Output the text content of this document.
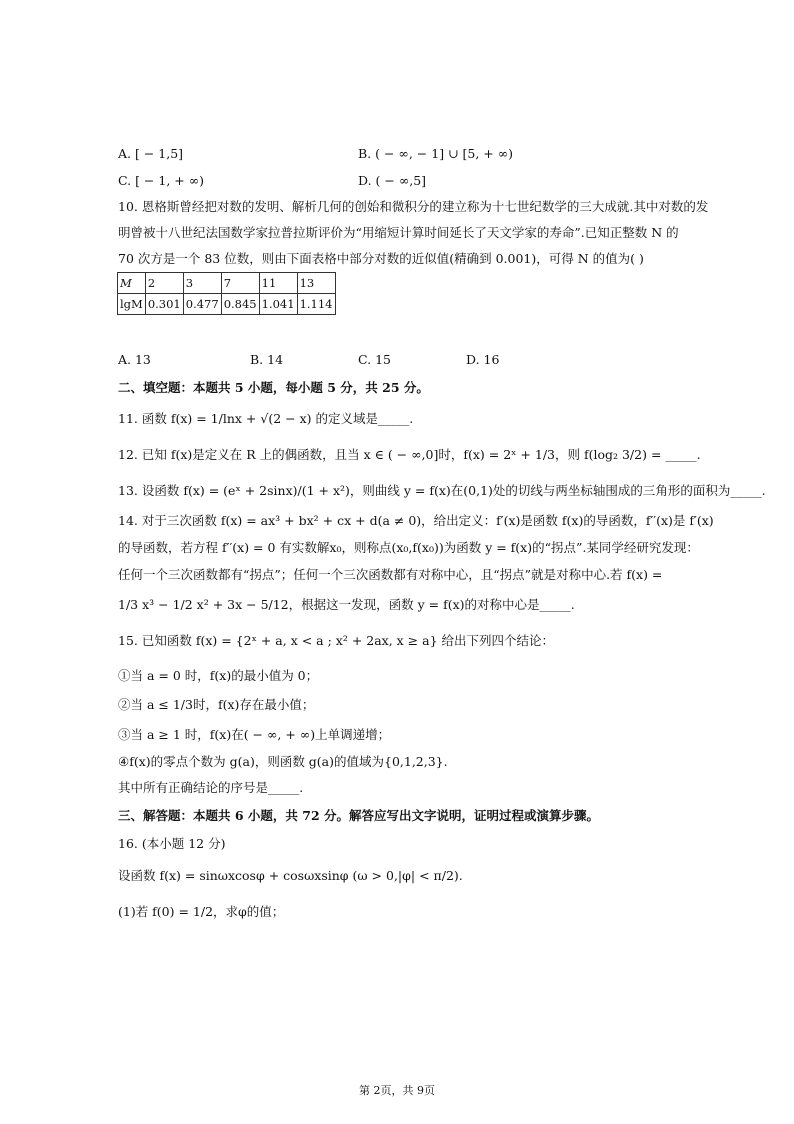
A. [ − 1,5]	B. ( − ∞, − 1] ∪ [5, + ∞)
C. [ − 1, + ∞)	D. ( − ∞,5]
10. 恩格斯曾经把对数的发明、解析几何的创始和微积分的建立称为十七世纪数学的三大成就.其中对数的发
明曾被十八世纪法国数学家拉普拉斯评价为“用缩短计算时间延长了天文学家的寿命”.已知正整数 N 的
70 次方是一个 83 位数，则由下面表格中部分对数的近似值(精确到 0.001)，可得 N 的值为( )
M	2	3	7	11	13
lgM	0.301	0.477	0.845	1.041	1.114
A. 13	B. 14	C. 15	D. 16
二、填空题：本题共 5 小题，每小题 5 分，共 25 分。
11. 函数 f(x) = 1/lnx + √(2 − x) 的定义域是_____.
12. 已知 f(x)是定义在 R 上的偶函数，且当 x ∈ ( − ∞,0]时，f(x) = 2ˣ + 1/3，则 f(log₂ 3/2) = _____.
13. 设函数 f(x) = (eˣ + 2sinx)/(1 + x²)，则曲线 y = f(x)在(0,1)处的切线与两坐标轴围成的三角形的面积为_____.
14. 对于三次函数 f(x) = ax³ + bx² + cx + d(a ≠ 0)，给出定义：f′(x)是函数 f(x)的导函数，f′′(x)是 f′(x)
的导函数，若方程 f′′(x) = 0 有实数解x₀，则称点(x₀,f(x₀))为函数 y = f(x)的“拐点”.某同学经研究发现：
任何一个三次函数都有“拐点”；任何一个三次函数都有对称中心，且“拐点”就是对称中心.若 f(x) =
1/3 x³ − 1/2 x² + 3x − 5/12，根据这一发现，函数 y = f(x)的对称中心是_____.
15. 已知函数 f(x) = {2ˣ + a, x < a ; x² + 2ax, x ≥ a} 给出下列四个结论：
①当 a = 0 时，f(x)的最小值为 0；
②当 a ≤ 1/3时，f(x)存在最小值；
③当 a ≥ 1 时，f(x)在( − ∞, + ∞)上单调递增；
④f(x)的零点个数为 g(a)，则函数 g(a)的值域为{0,1,2,3}.
其中所有正确结论的序号是_____.
三、解答题：本题共 6 小题，共 72 分。解答应写出文字说明，证明过程或演算步骤。
16. (本小题 12 分)
设函数 f(x) = sinωxcosφ + cosωxsinφ (ω > 0,|φ| < π/2).
(1)若 f(0) = 1/2，求φ的值；
第 2页，共 9页
